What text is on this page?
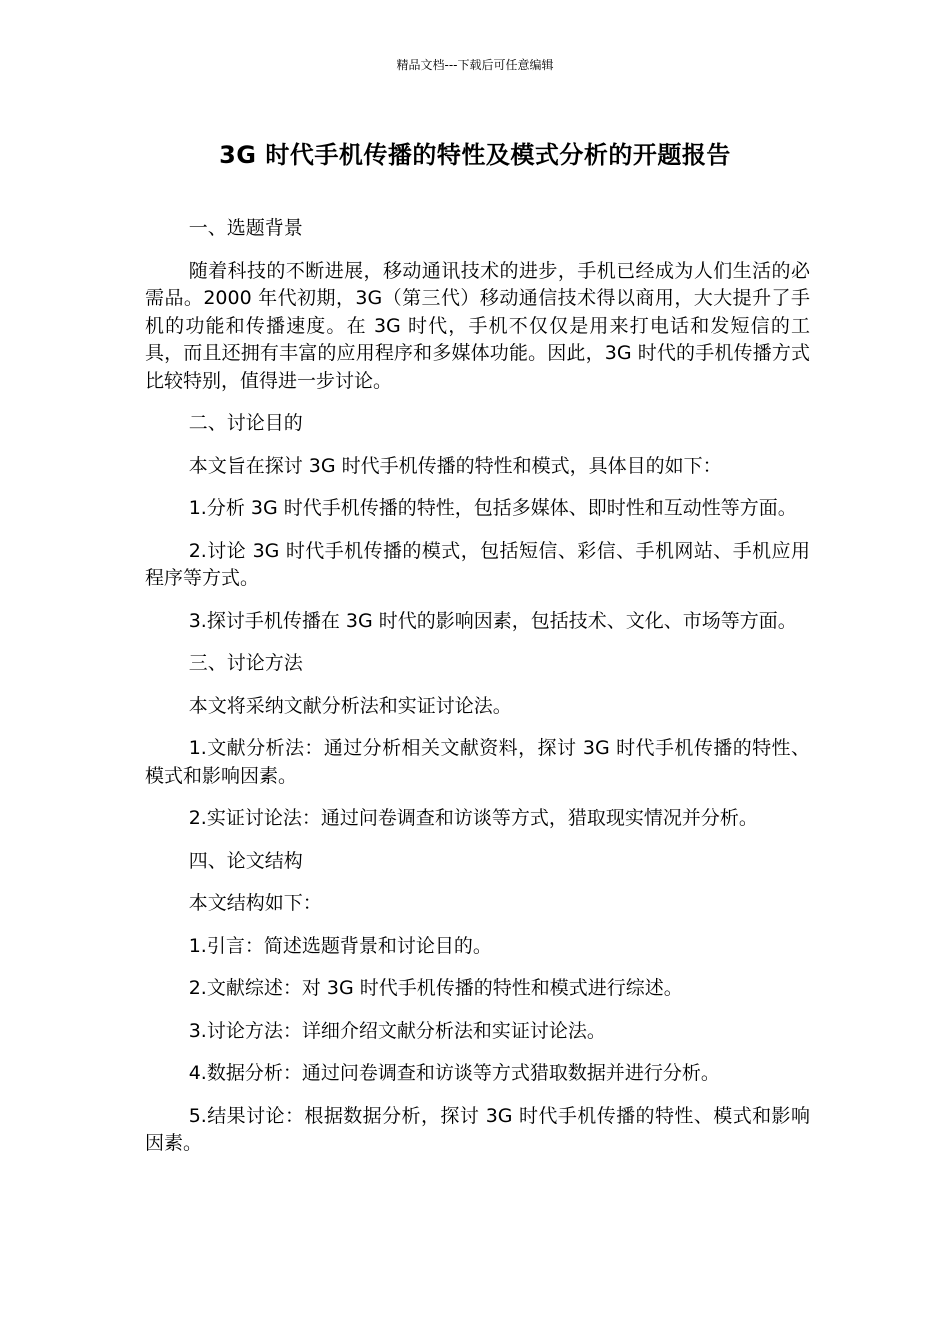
精品文档---下载后可任意编辑
3G 时代手机传播的特性及模式分析的开题报告

一、选题背景

随着科技的不断进展，移动通讯技术的进步，手机已经成为人们生活的必需品。2000 年代初期，3G（第三代）移动通信技术得以商用，大大提升了手机的功能和传播速度。在 3G 时代，手机不仅仅是用来打电话和发短信的工具，而且还拥有丰富的应用程序和多媒体功能。因此，3G 时代的手机传播方式比较特别，值得进一步讨论。

二、讨论目的

本文旨在探讨 3G 时代手机传播的特性和模式，具体目的如下：

1.分析 3G 时代手机传播的特性，包括多媒体、即时性和互动性等方面。

2.讨论 3G 时代手机传播的模式，包括短信、彩信、手机网站、手机应用程序等方式。

3.探讨手机传播在 3G 时代的影响因素，包括技术、文化、市场等方面。

三、讨论方法

本文将采纳文献分析法和实证讨论法。

1.文献分析法：通过分析相关文献资料，探讨 3G 时代手机传播的特性、模式和影响因素。

2.实证讨论法：通过问卷调查和访谈等方式，猎取现实情况并分析。

四、论文结构

本文结构如下：

1.引言：简述选题背景和讨论目的。

2.文献综述：对 3G 时代手机传播的特性和模式进行综述。

3.讨论方法：详细介绍文献分析法和实证讨论法。

4.数据分析：通过问卷调查和访谈等方式猎取数据并进行分析。

5.结果讨论：根据数据分析，探讨 3G 时代手机传播的特性、模式和影响因素。
